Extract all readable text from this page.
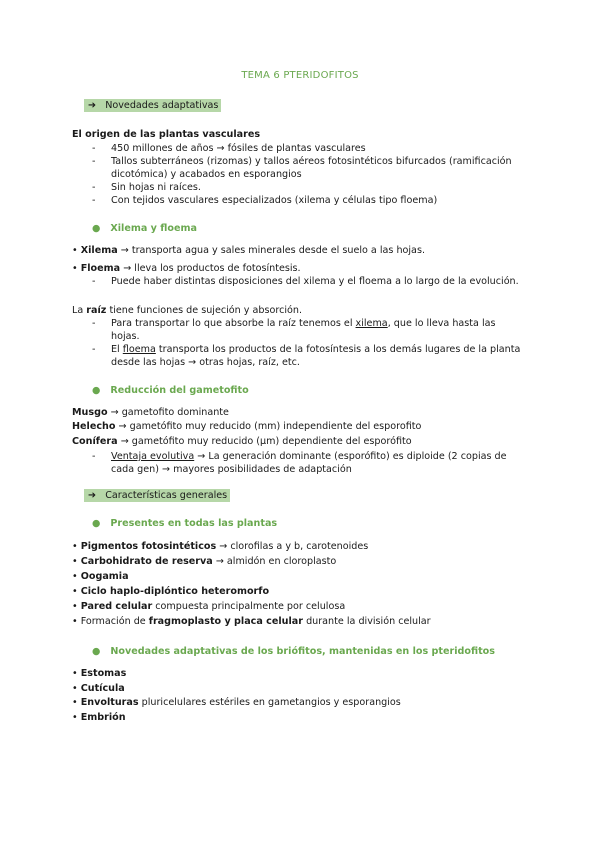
TEMA 6 PTERIDOFITOS
➔ Novedades adaptativas
El origen de las plantas vasculares
- 450 millones de años → fósiles de plantas vasculares
- Tallos subterráneos (rizomas) y tallos aéreos fotosintéticos bifurcados (ramificación
dicotómica) y acabados en esporangios
- Sin hojas ni raíces.
- Con tejidos vasculares especializados (xilema y células tipo floema)
● Xilema y floema
• Xilema → transporta agua y sales minerales desde el suelo a las hojas.
• Floema → lleva los productos de fotosíntesis.
- Puede haber distintas disposiciones del xilema y el floema a lo largo de la evolución.
La raíz tiene funciones de sujeción y absorción.
- Para transportar lo que absorbe la raíz tenemos el xilema, que lo lleva hasta las
hojas.
- El floema transporta los productos de la fotosíntesis a los demás lugares de la planta
desde las hojas → otras hojas, raíz, etc.
● Reducción del gametofito
Musgo → gametofito dominante
Helecho → gametófito muy reducido (mm) independiente del esporofito
Conífera → gametófito muy reducido (µm) dependiente del esporófito
- Ventaja evolutiva → La generación dominante (esporófito) es diploide (2 copias de
cada gen) → mayores posibilidades de adaptación
➔ Características generales
● Presentes en todas las plantas
• Pigmentos fotosintéticos → clorofilas a y b, carotenoides
• Carbohidrato de reserva → almidón en cloroplasto
• Oogamia
• Ciclo haplo-diplóntico heteromorfo
• Pared celular compuesta principalmente por celulosa
• Formación de fragmoplasto y placa celular durante la división celular
● Novedades adaptativas de los briófitos, mantenidas en los pteridofitos
• Estomas
• Cutícula
• Envolturas pluricelulares estériles en gametangios y esporangios
• Embrión
